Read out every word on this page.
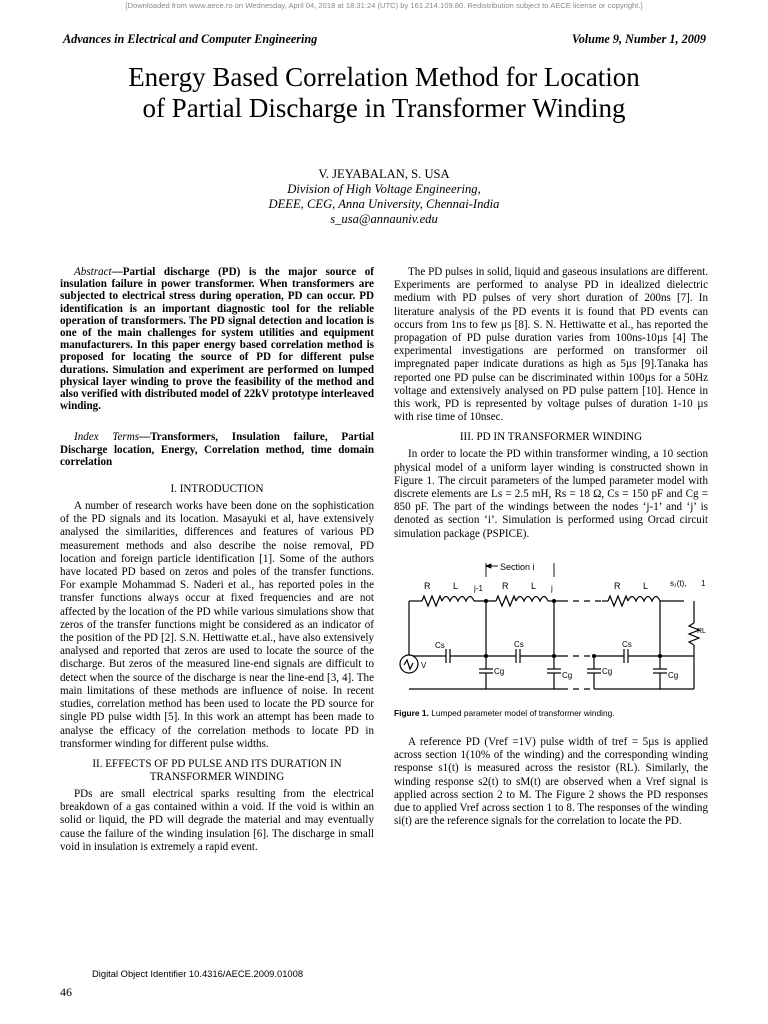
[Downloaded from www.aece.ro on Wednesday, April 04, 2018 at 18:31:24 (UTC) by 161.214.109.80. Redistribution subject to AECE license or copyright.]
Advances in Electrical and Computer Engineering	Volume 9, Number 1, 2009
Energy Based Correlation Method for Location
of Partial Discharge in Transformer Winding
V. JEYABALAN, S. USA
Division of High Voltage Engineering,
DEEE, CEG, Anna University, Chennai-India
s_usa@annauniv.edu

Abstract—Partial discharge (PD) is the major source of insulation failure in power transformer. When transformers are subjected to electrical stress during operation, PD can occur. PD identification is an important diagnostic tool for the reliable operation of transformers. The PD signal detection and location is one of the main challenges for system utilities and equipment manufacturers. In this paper energy based correlation method is proposed for locating the source of PD for different pulse durations. Simulation and experiment are performed on lumped physical layer winding to prove the feasibility of the method and also verified with distributed model of 22kV prototype interleaved winding.

Index Terms—Transformers, Insulation failure, Partial Discharge location, Energy, Correlation method, time domain correlation

I. INTRODUCTION

A number of research works have been done on the sophistication of the PD signals and its location. Masayuki et al, have extensively analysed the similarities, differences and features of various PD measurement methods and also describe the noise removal, PD location and foreign particle identification [1]. Some of the authors have located PD based on zeros and poles of the transfer functions. For example Mohammad S. Naderi et al., has reported poles in the transfer functions always occur at fixed frequencies and are not affected by the location of the PD while various simulations show that zeros of the transfer functions might be considered as an indicator of the position of the PD [2]. S.N. Hettiwatte et.al., have also extensively analysed and reported that zeros are used to locate the source of the discharge. But zeros of the measured line-end signals are difficult to detect when the source of the discharge is near the line-end [3, 4]. The main limitations of these methods are influence of noise. In recent studies, correlation method has been used to locate the PD source for single PD pulse width [5]. In this work an attempt has been made to analyse the efficacy of the correlation methods to locate PD in transformer winding for different pulse widths.

II. EFFECTS OF PD PULSE AND ITS DURATION IN
TRANSFORMER WINDING

PDs are small electrical sparks resulting from the electrical breakdown of a gas contained within a void. If the void is within an solid or liquid, the PD will degrade the material and may eventually cause the failure of the winding insulation [6]. The discharge in small void in insulation is extremely a rapid event.

The PD pulses in solid, liquid and gaseous insulations are different. Experiments are performed to analyse PD in idealized dielectric medium with PD pulses of very short duration of 200ns [7]. In literature analysis of the PD events it is found that PD events can occurs from 1ns to few µs [8]. S. N. Hettiwatte et al., has reported the propagation of PD pulse duration varies from 100ns-10µs [4] The experimental investigations are performed on transformer oil impregnated paper indicate durations as high as 5µs [9].Tanaka has reported one PD pulse can be discriminated within 100µs for a 50Hz voltage and extensively analysed on PD pulse pattern [10]. Hence in this work, PD is represented by voltage pulses of duration 1-10 µs with rise time of 10nsec.

III. PD IN TRANSFORMER WINDING

In order to locate the PD within transformer winding, a 10 section physical model of a uniform layer winding is constructed shown in Figure 1. The circuit parameters of the lumped parameter model with discrete elements are Ls = 2.5 mH, Rs = 18 Ω, Cs = 150 pF and Cg = 850 pF. The part of the windings between the nodes ‘j-1’ and ‘j’ is denoted as section ‘i’. Simulation is performed using Orcad circuit simulation package (PSPICE).

Section i
R	L j-1 R	L j	R	L	s₁(t), 1
Cs	Cs	Cs
Cg	Cg	Cg	Cg
V
RL
Figure 1. Lumped parameter model of transformer winding.

A reference PD (Vref =1V) pulse width of tref = 5µs is applied across section 1(10% of the winding) and the corresponding winding response s1(t) is measured across the resistor (RL). Similarly, the winding response s2(t) to sM(t) are observed when a Vref signal is applied across section 2 to M. The Figure 2 shows the PD responses due to applied Vref across section 1 to 8. The responses of the winding si(t) are the reference signals for the correlation to locate the PD.

Digital Object Identifier 10.4316/AECE.2009.01008
46
